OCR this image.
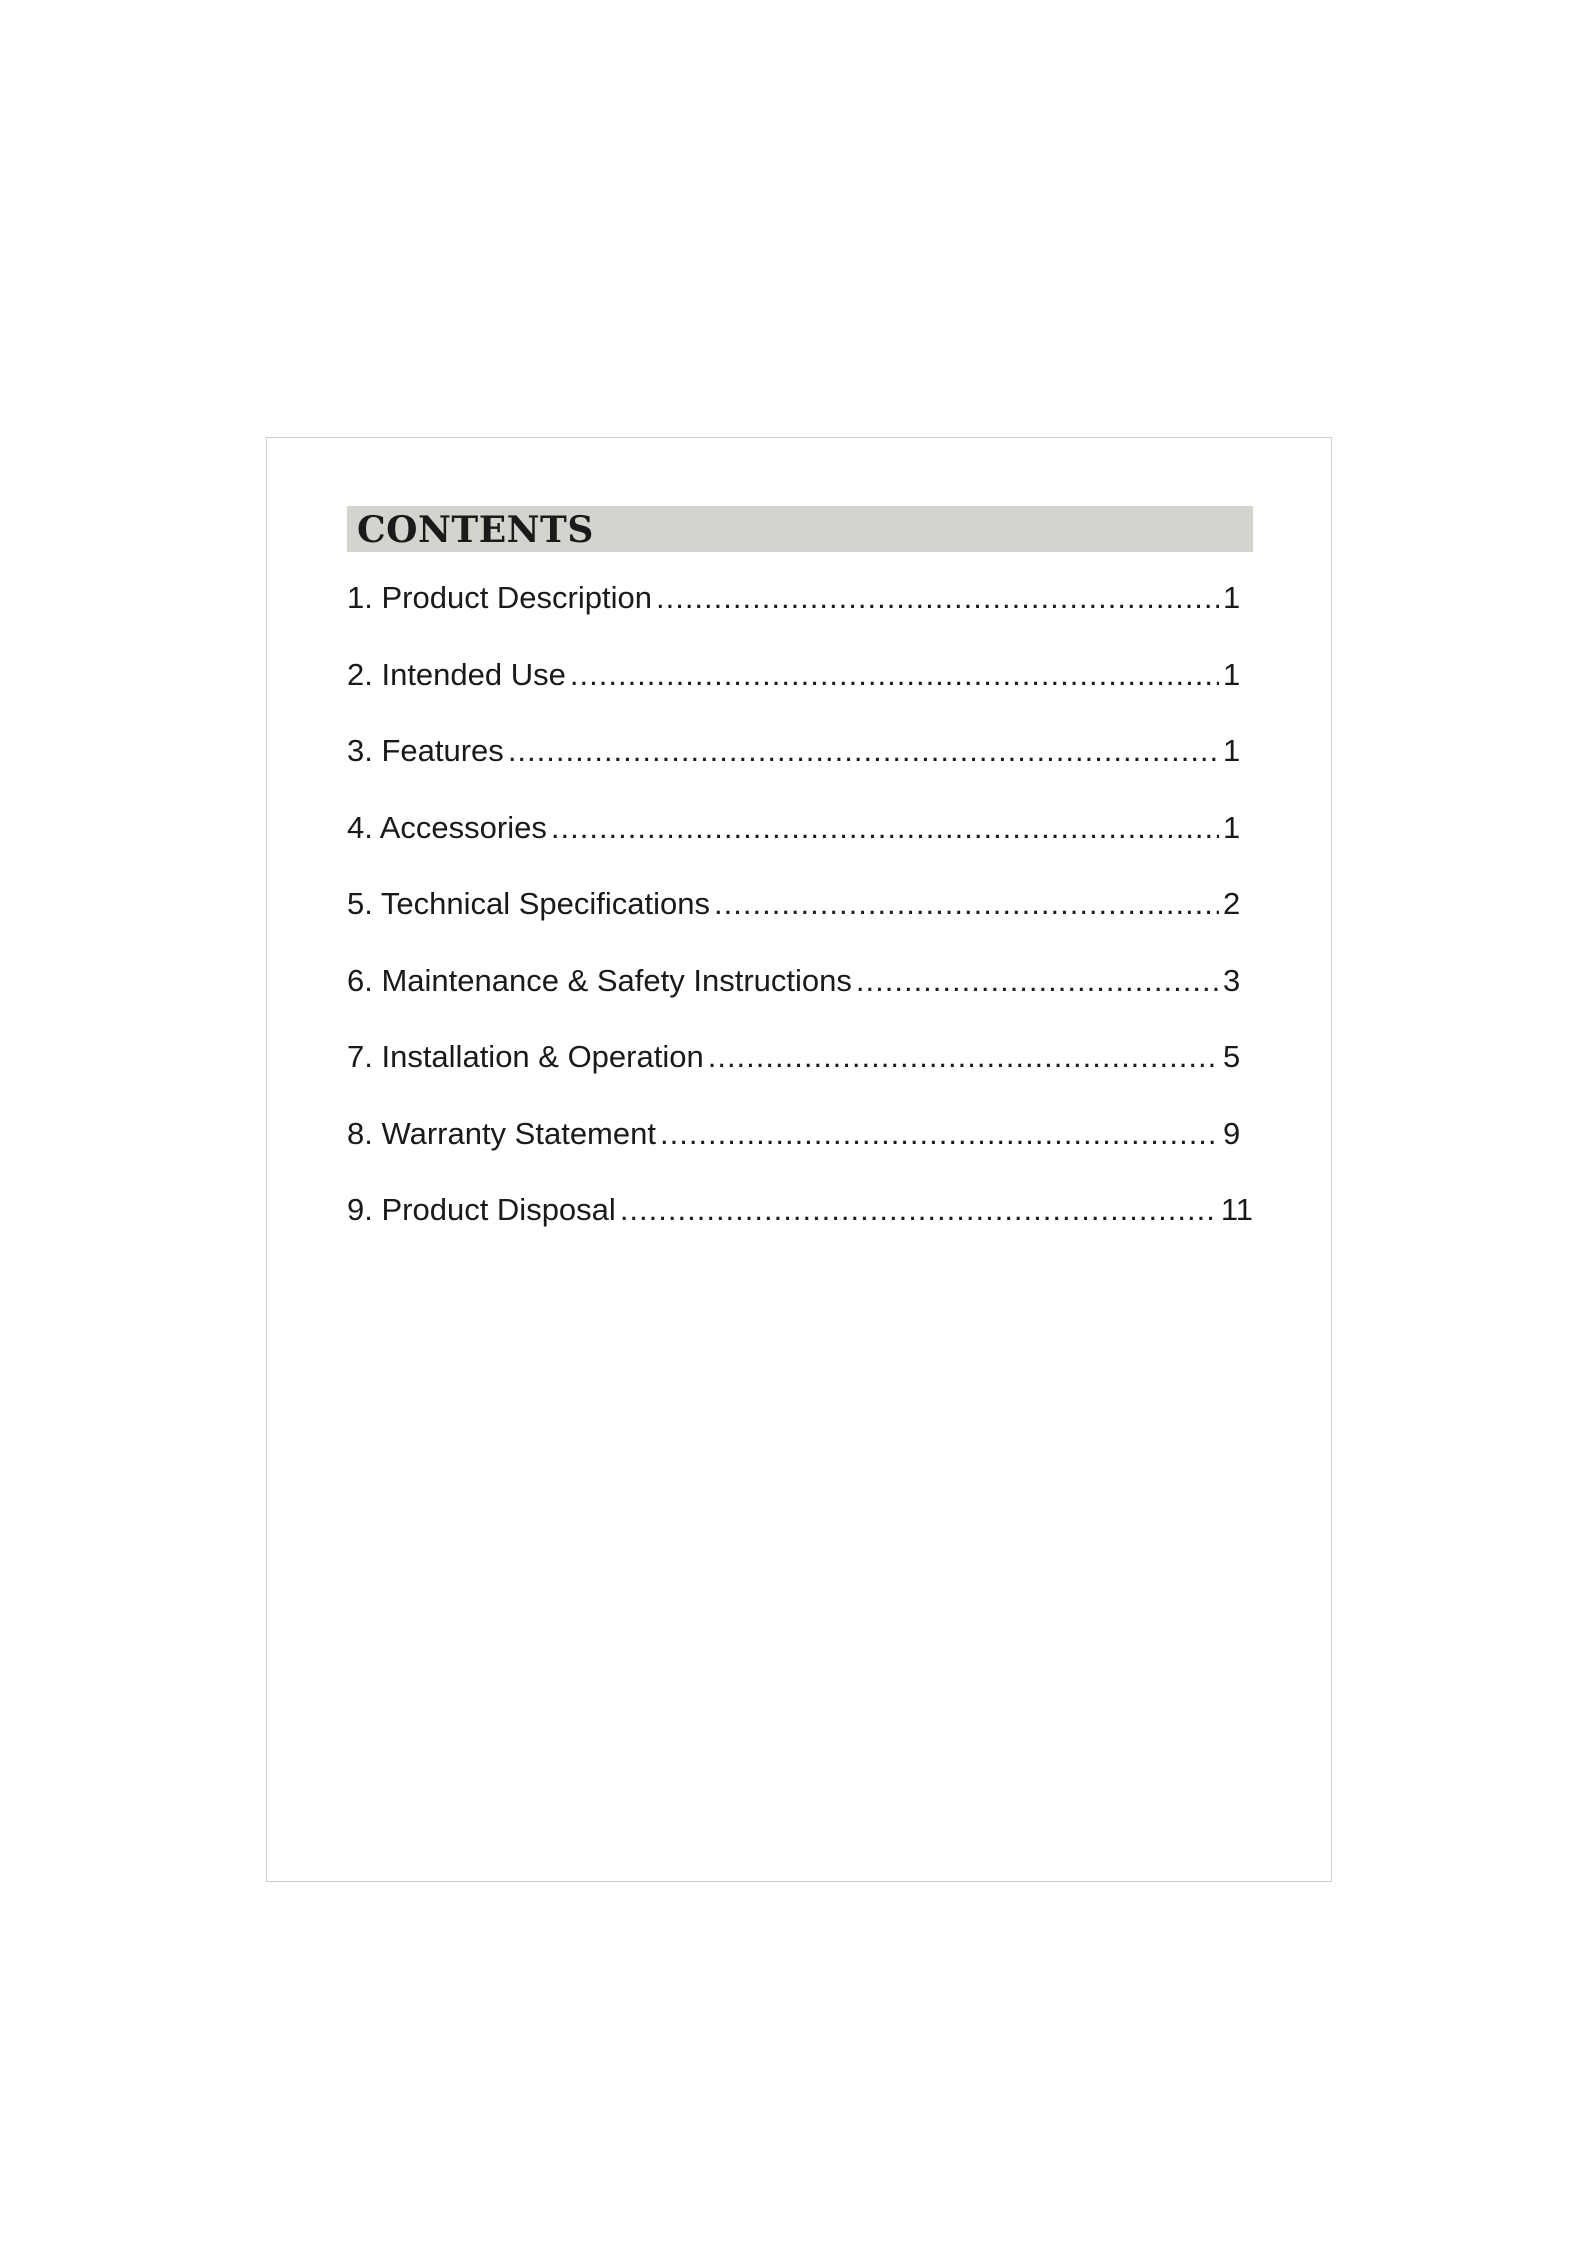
CONTENTS
1. Product Description .....	1
2. Intended Use .....	1
3. Features .....	1
4. Accessories .....	1
5. Technical Specifications .....	2
6. Maintenance & Safety Instructions .....	3
7. Installation & Operation .....	5
8. Warranty Statement .....	9
9. Product Disposal .....	11
